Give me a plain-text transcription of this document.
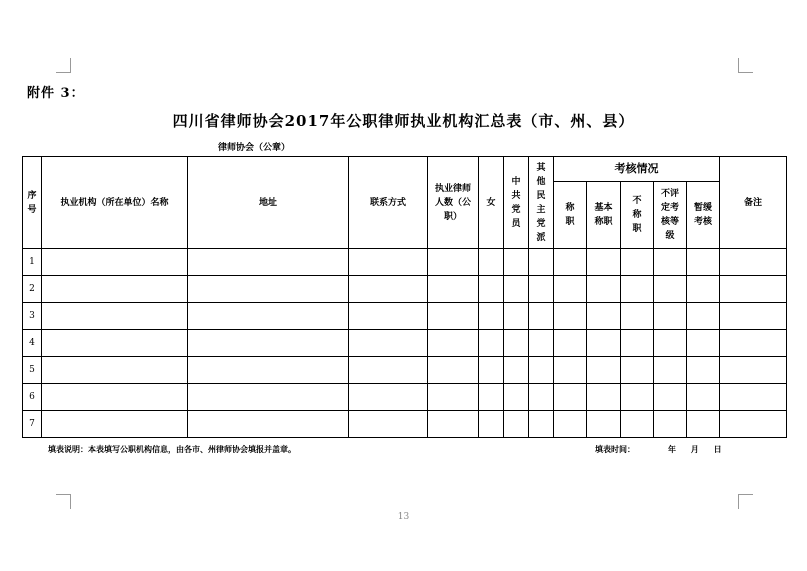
附件 3：
四川省律师协会2017年公职律师执业机构汇总表（市、州、县）
律师协会（公章）
序号	执业机构（所在单位）名称	地址	联系方式	执业律师人数（公职）	女	中共党员	其他民主党派	考核情况					备注

								称职	基本称职	不称职	不评定考核等级	暂缓考核	

1													
2													
3													
4													
5													
6													
7													
填表说明：本表填写公职机构信息，由各市、州律师协会填报并盖章。	填表时间：	年 月 日
13
